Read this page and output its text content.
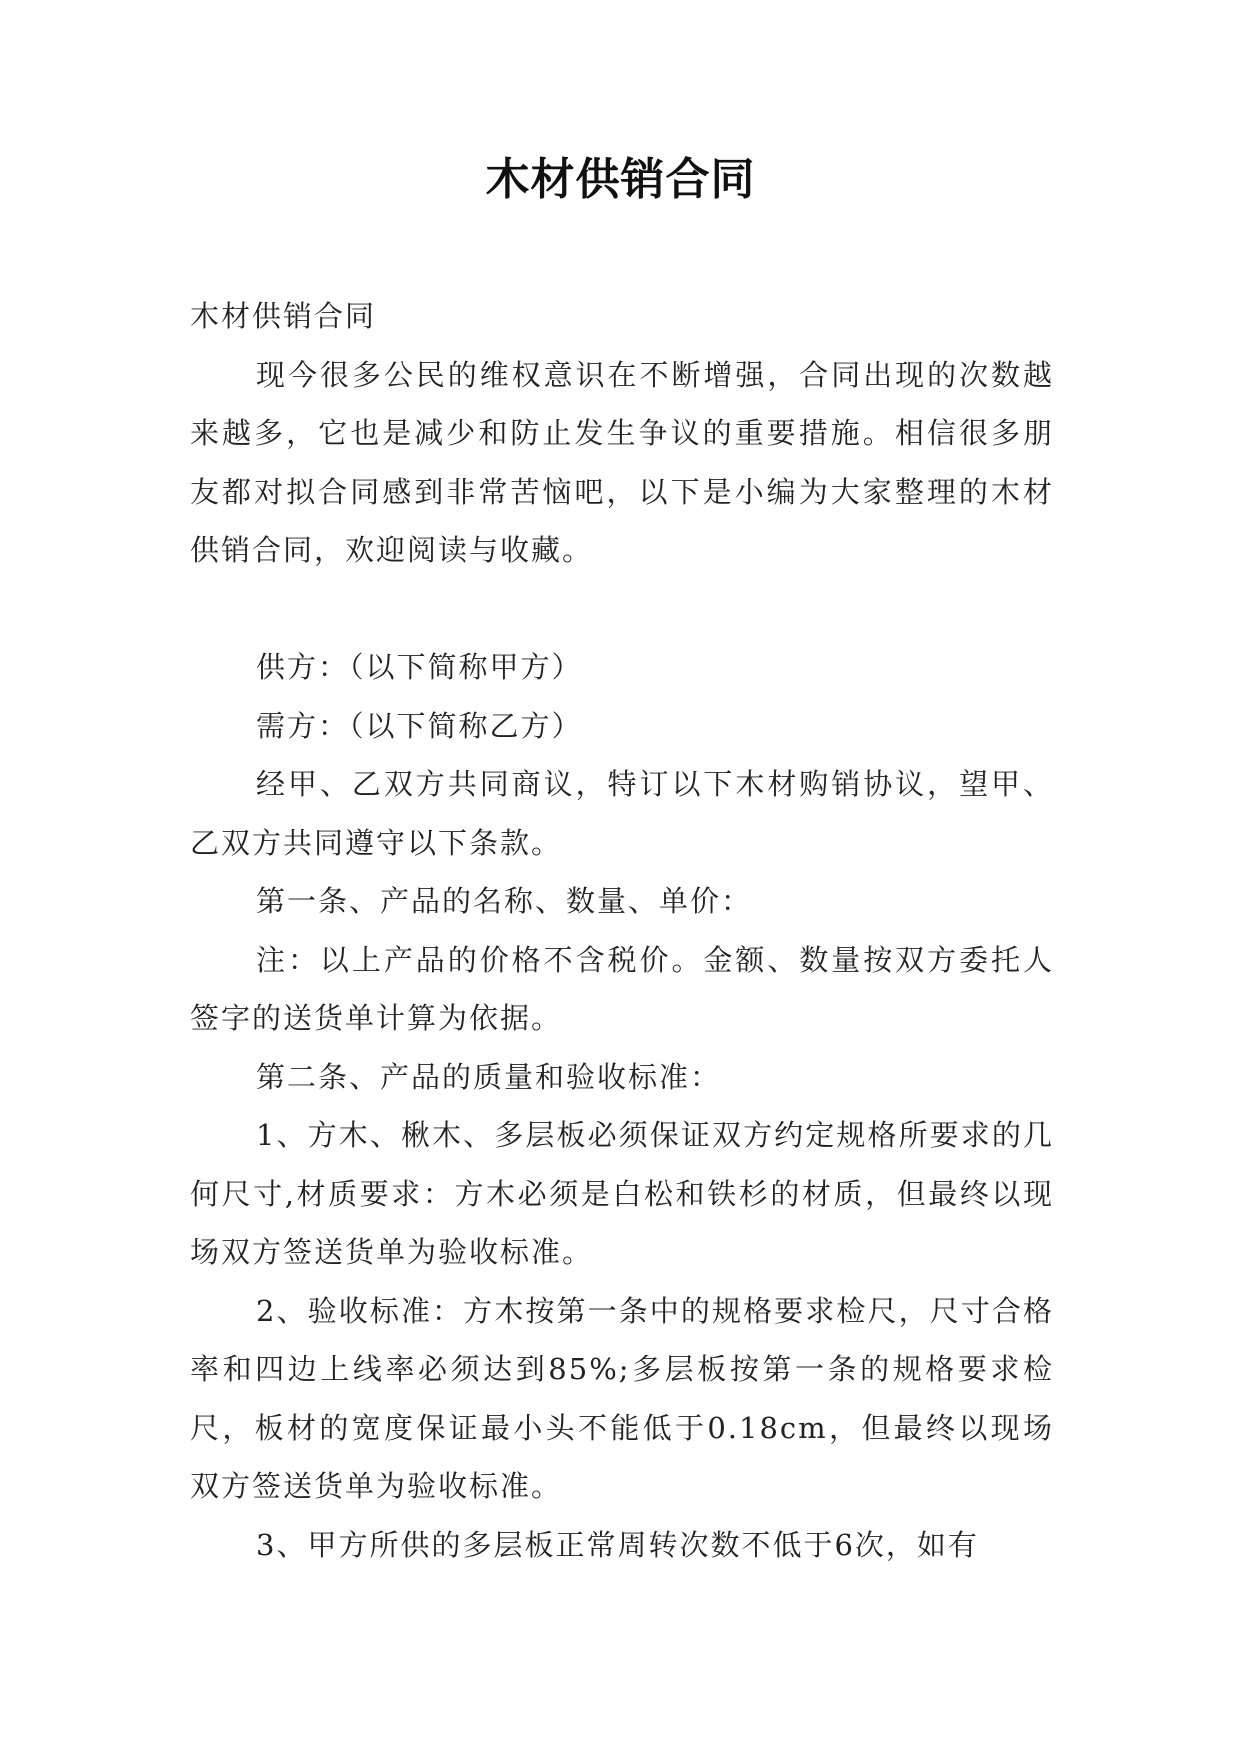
木材供销合同

木材供销合同

现今很多公民的维权意识在不断增强，合同出现的次数越来越多，它也是减少和防止发生争议的重要措施。相信很多朋友都对拟合同感到非常苦恼吧，以下是小编为大家整理的木材供销合同，欢迎阅读与收藏。

供方：（以下简称甲方）

需方：（以下简称乙方）

经甲、乙双方共同商议，特订以下木材购销协议，望甲、乙双方共同遵守以下条款。

第一条、产品的名称、数量、单价：

注：以上产品的价格不含税价。金额、数量按双方委托人签字的送货单计算为依据。

第二条、产品的质量和验收标准：

1、方木、楸木、多层板必须保证双方约定规格所要求的几何尺寸,材质要求：方木必须是白松和铁杉的材质，但最终以现场双方签送货单为验收标准。

2、验收标准：方木按第一条中的规格要求检尺，尺寸合格率和四边上线率必须达到85%;多层板按第一条的规格要求检尺，板材的宽度保证最小头不能低于0.18cm，但最终以现场双方签送货单为验收标准。

3、甲方所供的多层板正常周转次数不低于6次，如有
